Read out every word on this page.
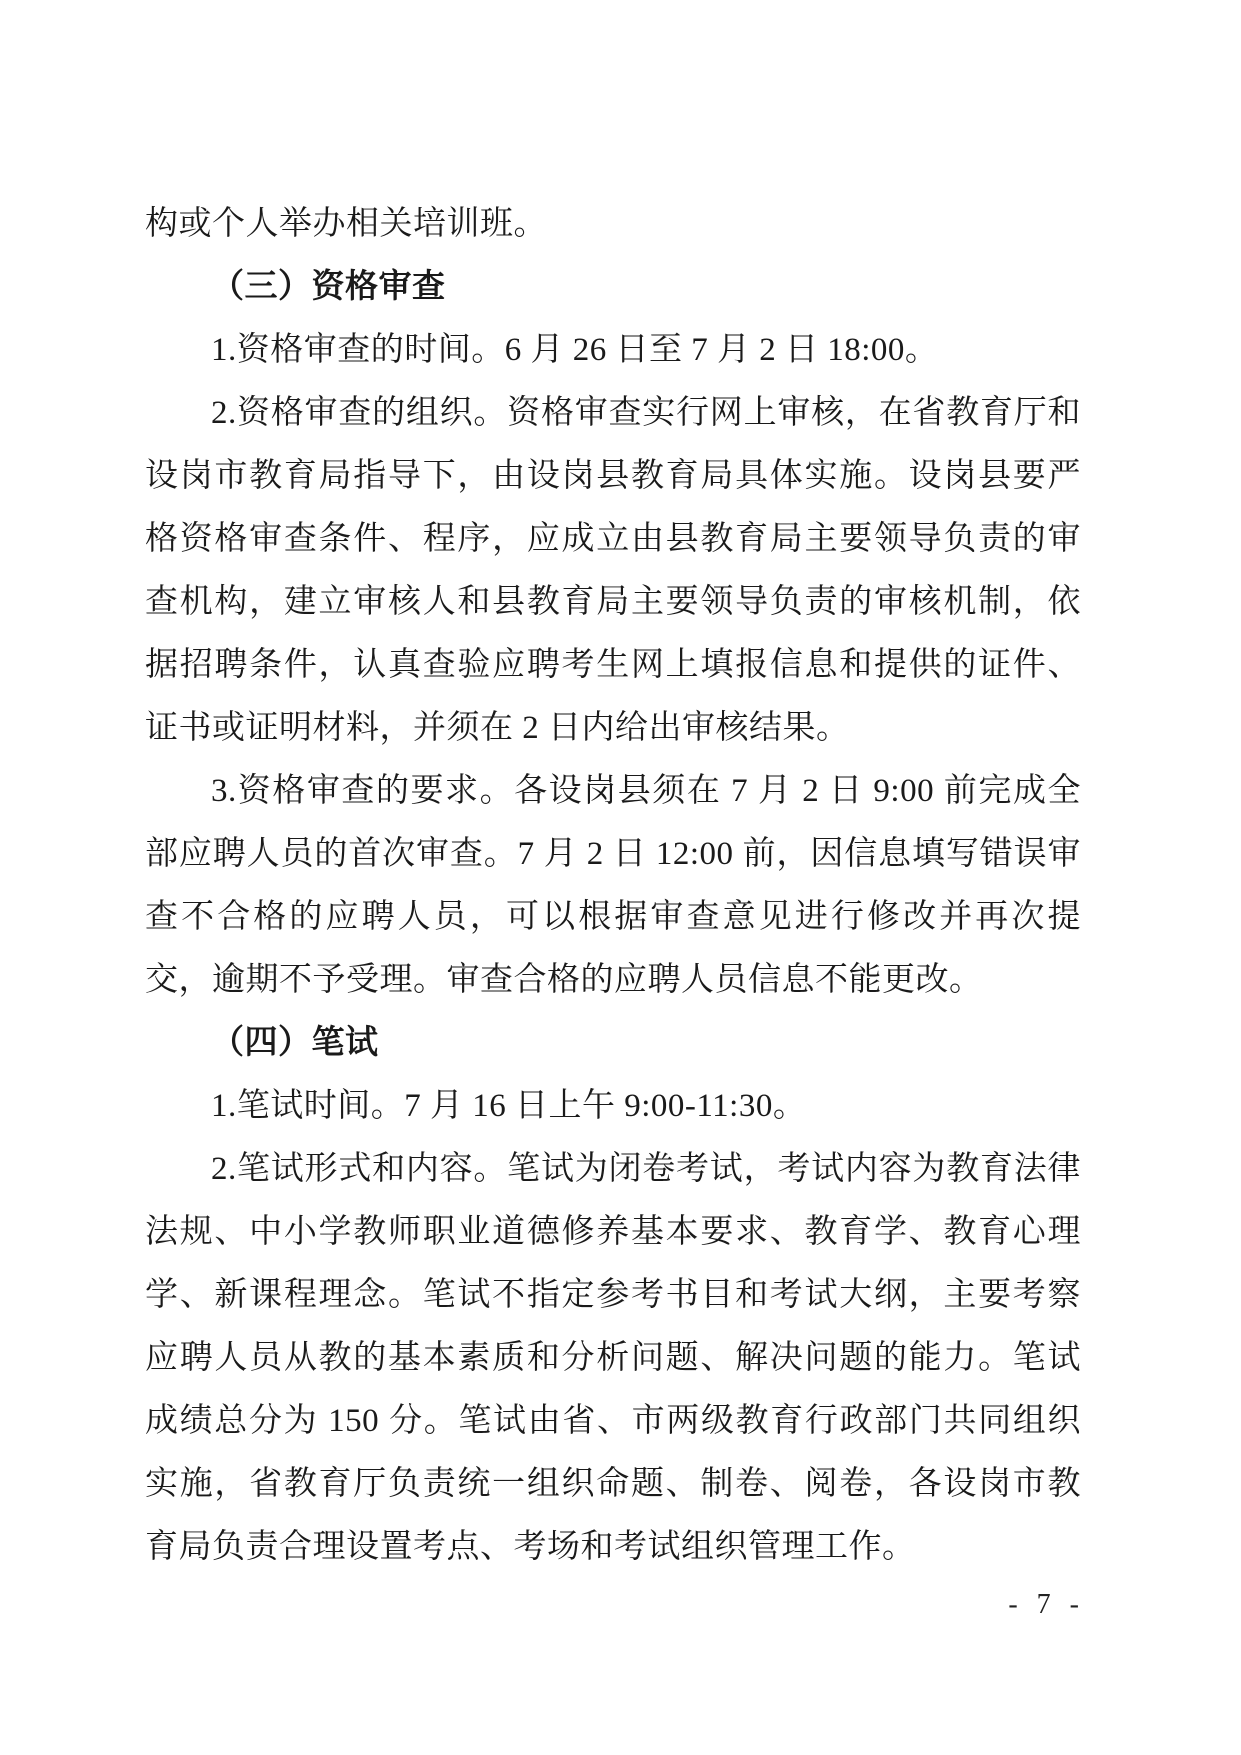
构或个人举办相关培训班。

（三）资格审查

1.资格审查的时间。6 月 26 日至 7 月 2 日 18:00。

2.资格审查的组织。资格审查实行网上审核，在省教育厅和设岗市教育局指导下，由设岗县教育局具体实施。设岗县要严格资格审查条件、程序，应成立由县教育局主要领导负责的审查机构，建立审核人和县教育局主要领导负责的审核机制，依据招聘条件，认真查验应聘考生网上填报信息和提供的证件、证书或证明材料，并须在 2 日内给出审核结果。

3.资格审查的要求。各设岗县须在 7 月 2 日 9:00 前完成全部应聘人员的首次审查。7 月 2 日 12:00 前，因信息填写错误审查不合格的应聘人员，可以根据审查意见进行修改并再次提交，逾期不予受理。审查合格的应聘人员信息不能更改。

（四）笔试

1.笔试时间。7 月 16 日上午 9:00-11:30。

2.笔试形式和内容。笔试为闭卷考试，考试内容为教育法律法规、中小学教师职业道德修养基本要求、教育学、教育心理学、新课程理念。笔试不指定参考书目和考试大纲，主要考察应聘人员从教的基本素质和分析问题、解决问题的能力。笔试成绩总分为 150 分。笔试由省、市两级教育行政部门共同组织实施，省教育厅负责统一组织命题、制卷、阅卷，各设岗市教育局负责合理设置考点、考场和考试组织管理工作。

- 7 -
